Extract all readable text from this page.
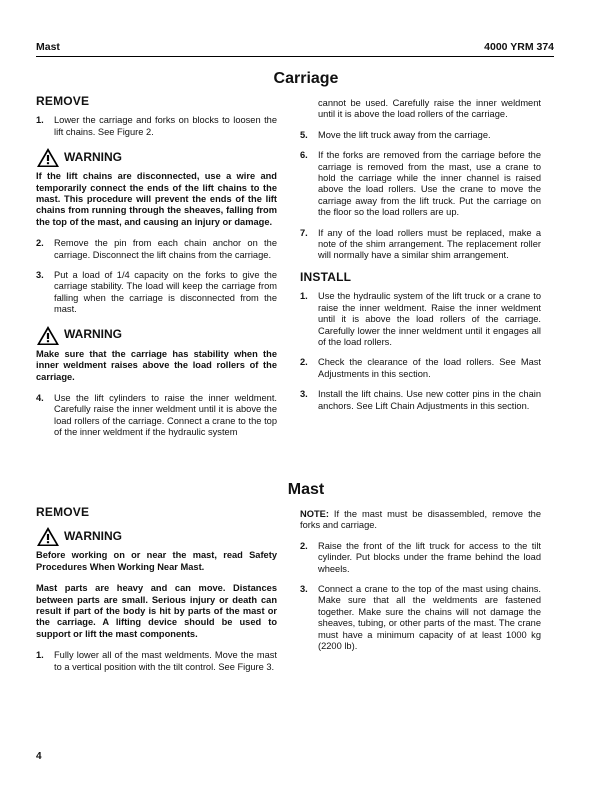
Mast	4000 YRM 374
Carriage
REMOVE
1.	Lower the carriage and forks on blocks to loosen the lift chains. See Figure 2.
WARNING
If the lift chains are disconnected, use a wire and temporarily connect the ends of the lift chains to the mast. This procedure will prevent the ends of the lift chains from running through the sheaves, falling from the top of the mast, and causing an injury or damage.
2.	Remove the pin from each chain anchor on the carriage. Disconnect the lift chains from the carriage.
3.	Put a load of 1/4 capacity on the forks to give the carriage stability. The load will keep the carriage from falling when the carriage is disconnected from the mast.
WARNING
Make sure that the carriage has stability when the inner weldment raises above the load rollers of the carriage.
4.	Use the lift cylinders to raise the inner weldment. Carefully raise the inner weldment until it is above the load rollers of the carriage. Connect a crane to the top of the inner weldment if the hydraulic system
cannot be used. Carefully raise the inner weldment until it is above the load rollers of the carriage.
5.	Move the lift truck away from the carriage.
6.	If the forks are removed from the carriage before the carriage is removed from the mast, use a crane to hold the carriage while the inner channel is raised above the load rollers. Use the crane to move the carriage away from the lift truck. Put the carriage on the floor so the load rollers are up.
7.	If any of the load rollers must be replaced, make a note of the shim arrangement. The replacement roller will normally have a similar shim arrangement.
INSTALL
1.	Use the hydraulic system of the lift truck or a crane to raise the inner weldment. Raise the inner weldment until it is above the load rollers of the carriage. Carefully lower the inner weldment until it engages all of the load rollers.
2.	Check the clearance of the load rollers. See Mast Adjustments in this section.
3.	Install the lift chains. Use new cotter pins in the chain anchors. See Lift Chain Adjustments in this section.
Mast
REMOVE
WARNING
Before working on or near the mast, read Safety Procedures When Working Near Mast.
Mast parts are heavy and can move. Distances between parts are small. Serious injury or death can result if part of the body is hit by parts of the mast or the carriage. A lifting device should be used to support or lift the mast components.
1.	Fully lower all of the mast weldments. Move the mast to a vertical position with the tilt control. See Figure 3.
NOTE: If the mast must be disassembled, remove the forks and carriage.
2.	Raise the front of the lift truck for access to the tilt cylinder. Put blocks under the frame behind the load wheels.
3.	Connect a crane to the top of the mast using chains. Make sure that all the weldments are fastened together. Make sure the chains will not damage the sheaves, tubing, or other parts of the mast. The crane must have a minimum capacity of at least 1000 kg (2200 lb).
4
